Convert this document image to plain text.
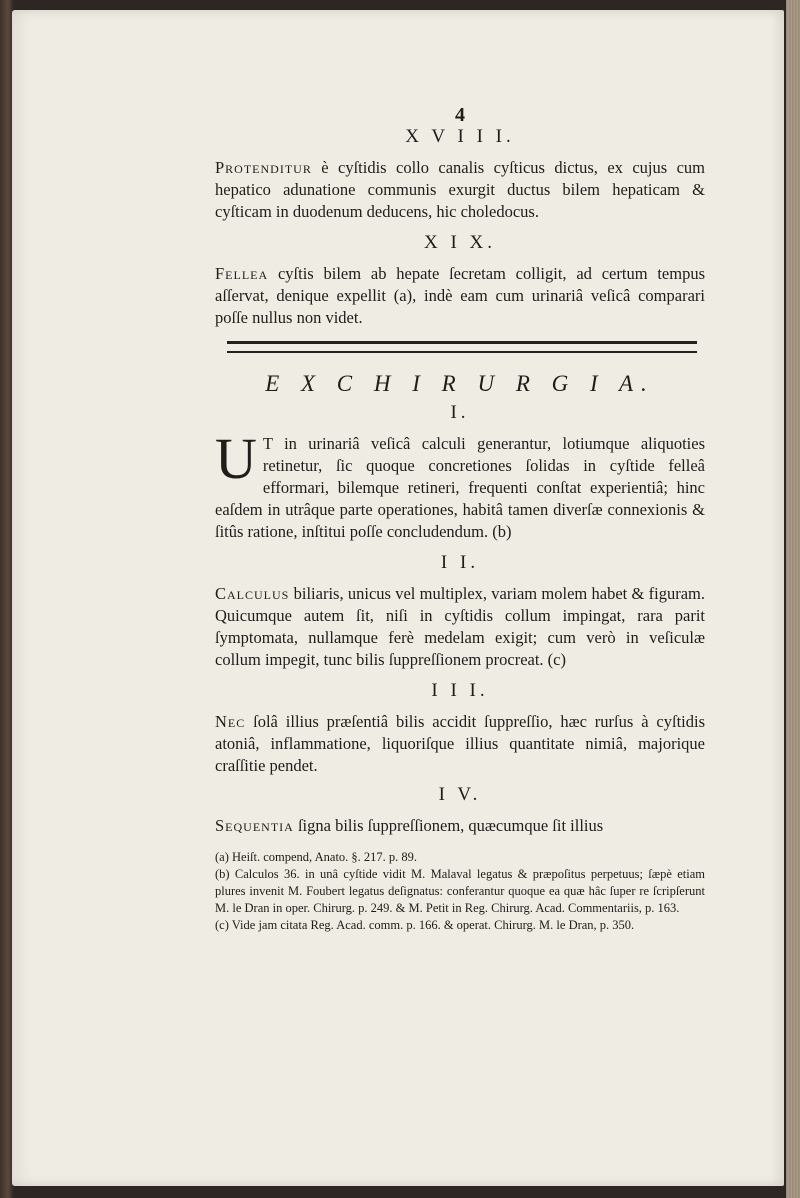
4
X V I I I.

Protenditur è cyſtidis collo canalis cyſticus dictus, ex cujus cum hepatico adunatione communis exurgit ductus bilem hepaticam & cyſticam in duodenum deducens, hic choledocus.

X I X.

Fellea cyſtis bilem ab hepate ſecretam colligit, ad certum tempus aſſervat, denique expellit (a), indè eam cum urinariâ veſicâ comparari poſſe nullus non videt.

E X C H I R U R G I A.
I.
U T in urinariâ veſicâ calculi generantur, lotiumque aliquoties retinetur, ſic quoque concretiones ſolidas in cyſtide felleâ efformari, bilemque retineri, frequenti conſtat experientiâ; hinc eaſdem in utrâque parte operationes, habitâ tamen diverſæ connexionis & ſitûs ratione, inſtitui poſſe concludendum. (b)

I I.

Calculus biliaris, unicus vel multiplex, variam molem habet & figuram. Quicumque autem ſit, niſi in cyſtidis collum impingat, rara parit ſymptomata, nullamque ferè medelam exigit; cum verò in veſiculæ collum impegit, tunc bilis ſuppreſſionem procreat. (c)

I I I.

Nec ſolâ illius præſentiâ bilis accidit ſuppreſſio, hæc rurſus à cyſtidis atoniâ, inflammatione, liquoriſque illius quantitate nimiâ, majorique craſſitie pendet.

I V.

Sequentia ſigna bilis ſuppreſſionem, quæcumque ſit illius

(a) Heiſt. compend, Anato. §. 217. p. 89.

(b) Calculos 36. in unâ cyſtide vidit M. Malaval legatus & præpoſitus perpetuus; ſæpè etiam plures invenit M. Foubert legatus deſignatus: conferantur quoque ea quæ hâc ſuper re ſcripſerunt M. le Dran in oper. Chirurg. p. 249. & M. Petit in Reg. Chirurg. Acad. Commentariis, p. 163.

(c) Vide jam citata Reg. Acad. comm. p. 166. & operat. Chirurg. M. le Dran, p. 350.
